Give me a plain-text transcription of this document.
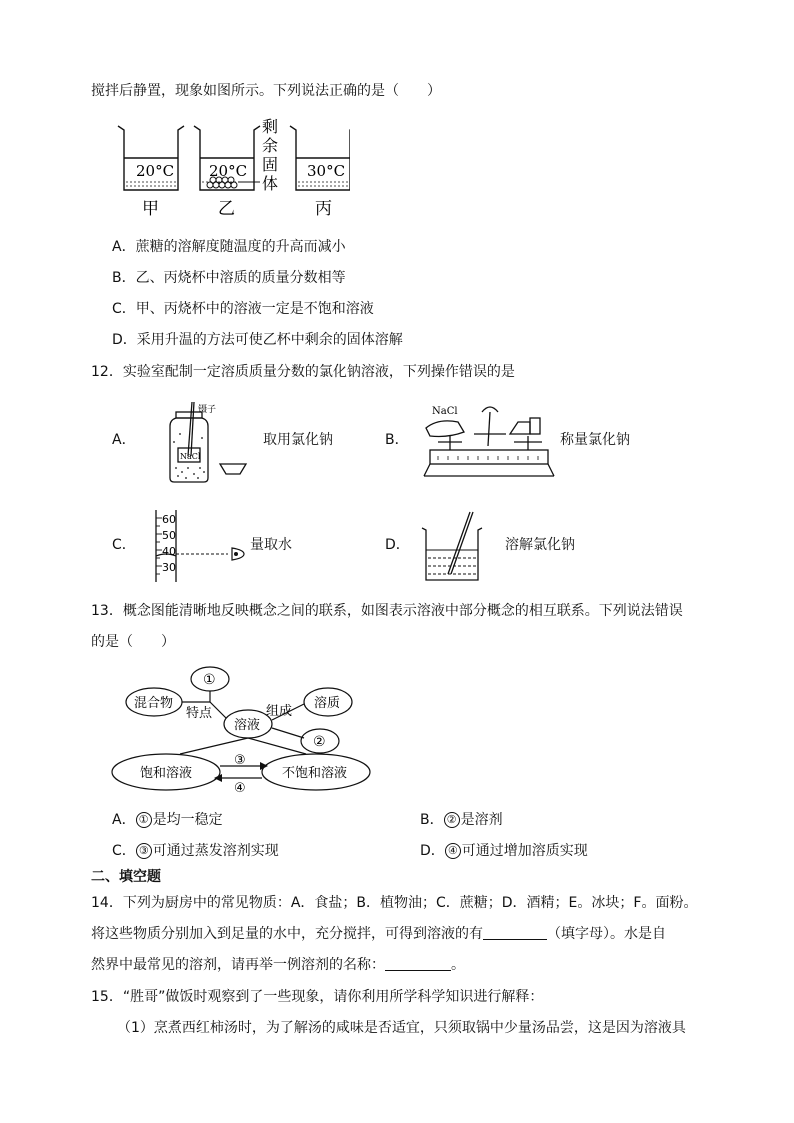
搅拌后静置，现象如图所示。下列说法正确的是（　　）
20°C 20°C	30°C
剩
余
固
体
甲	乙	丙
A．蔗糖的溶解度随温度的升高而减小
B．乙、丙烧杯中溶质的质量分数相等
C．甲、丙烧杯中的溶液一定是不饱和溶液
D．采用升温的方法可使乙杯中剩余的固体溶解
12．实验室配制一定溶质质量分数的氯化钠溶液，下列操作错误的是
A．
镊子
NaCl
取用氯化钠	B．
NaCl
称量氯化钠
C．
60
50
40
30
量取水	D．	溶解氯化钠
13．概念图能清晰地反映概念之间的联系，如图表示溶液中部分概念的相互联系。下列说法错误
的是（　　）
①
混合物
特点
溶液
组成
溶质
②
③
④
饱和溶液	不饱和溶液
A． ① 是均一稳定	B． ② 是溶剂
C． ③ 可通过蒸发溶剂实现	D． ④ 可通过增加溶质实现
二、填空题
14．下列为厨房中的常见物质：A．食盐；B．植物油；C．蔗糖；D．酒精；E。冰块；F。面粉。
将这些物质分别加入到足量的水中，充分搅拌，可得到溶液的有	（填字母）。水是自
然界中最常见的溶剂，请再举一例溶剂的名称：	。
15．“胜哥”做饭时观察到了一些现象，请你利用所学科学知识进行解释：
（1）烹煮西红柿汤时，为了解汤的咸味是否适宜，只须取锅中少量汤品尝，这是因为溶液具
